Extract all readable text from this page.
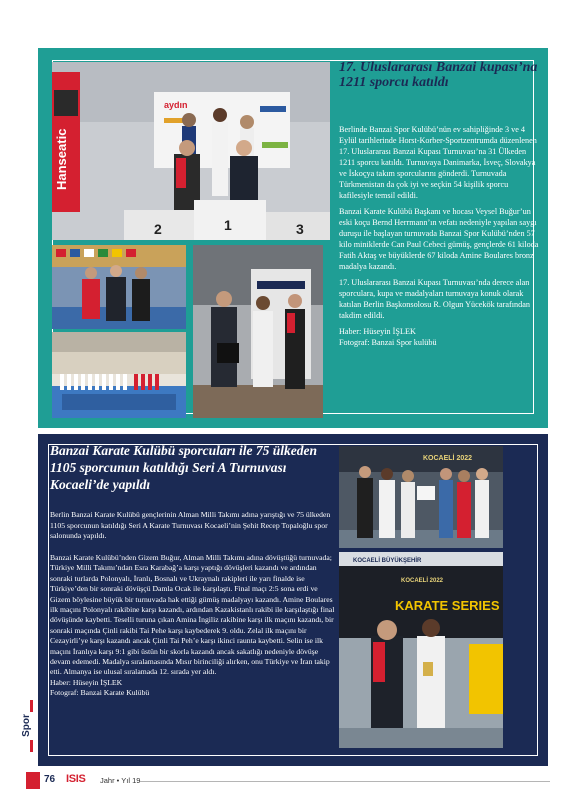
Hanseatic
aydın
2	1	3
17. Uluslararası Banzai kupası’na 1211 sporcu katıldı

Berlinde Banzai Spor Kulübü’nün ev sahipliğinde 3 ve 4 Eylül tarihlerinde Horst-Korber-Sportzentrumda düzenlenen 17. Uluslararası Banzai Kupası Turnuvası’na 31 Ülkeden 1211 sporcu katıldı. Turnuvaya Danimarka, İsveç, Slovakya ve İskoçya takım sporcularını gönderdi. Turnuvada Türkmenistan da çok iyi ve seçkin 54 kişilik sporcu kafilesiyle temsil edildi.

Banzai Karate Kulübü Başkanı ve hocası Veysel Buğur’un eski koçu Bernd Herrmann’ın vefatı nedeniyle yapılan saygı duruşu ile başlayan turnuvada Banzai Spor Kulübü’nden 57 kilo miniklerde Can Paul Cebeci gümüş, gençlerde 61 kiloda Fatih Aktaş ve büyüklerde 67 kiloda Amine Boulares bronz madalya kazandı.

17. Uluslararası Banzai Kupası Turnuvası’nda derece alan sporculara, kupa ve madalyaları turnuvaya konuk olarak katılan Berlin Başkonsolosu R. Olgun Yücekök tarafından takdim edildi.

Haber: Hüseyin İŞLEK
Fotograf: Banzai Spor kulübü

Banzai Karate Kulübü sporcuları ile 75 ülkeden 1105 sporcunun katıldığı Seri A Turnuvası Kocaeli’de yapıldı
Berlin Banzai Karate Kulübü gençlerinin Alman Milli Takımı adına yarıştığı ve 75 ülkeden 1105 sporcunun katıldığı Seri A Karate Turnuvası Kocaeli’nin Şehit Recep Topaloğlu spor salonunda yapıldı.

Banzai Karate Kulübü’nden Gizem Buğur, Alman Milli Takımı adına dövüştüğü turnuvada; Türkiye Milli Takımı’ndan Esra Karabağ’a karşı yaptığı dövüşleri kazandı ve ardından sonraki turlarda Polonyalı, İranlı, Bosnalı ve Ukraynalı rakipleri ile yarı finalde ise Türkiye’den bir sonraki dövüşçü Damla Ocak ile karşılaştı. Final maçı 2:5 sona erdi ve Gizem böylesine büyük bir turnuvada hak ettiği gümüş madalyayı kazandı. Amine Boulares ilk maçını Polonyalı rakibine karşı kazandı, ardından Kazakistanlı rakibi ile karşılaştığı final dövüşünde kaybetti. Teselli turuna çıkan Amina İngiliz rakibine karşı ilk maçını kazandı, bir sonraki maçında Çinli rakibi Tai Pehe karşı kaybederek 9. oldu. Zelal ilk maçını bir Cezayirli’ye karşı kazandı ancak Çinli Tai Peh’e karşı ikinci raunta kaybetti. Selin ise ilk maçını İranlıya karşı 9:1 gibi üstün bir skorla kazandı ancak sakatlığı nedeniyle dövüşe devam edemedi. Madalya sıralamasında Mısır birinciliği alırken, onu Türkiye ve İran takip etti. Almanya ise ulusal sıralamada 12. sırada yer aldı.

Haber: Hüseyin İŞLEK
Fotograf: Banzai Karate Kulübü

KOCAELİ 2022
KOCAELİ BÜYÜKŞEHİR
KOCAELİ 2022
KARATE SERIES
Spor
76 ISIS Jahr • Yıl 19
